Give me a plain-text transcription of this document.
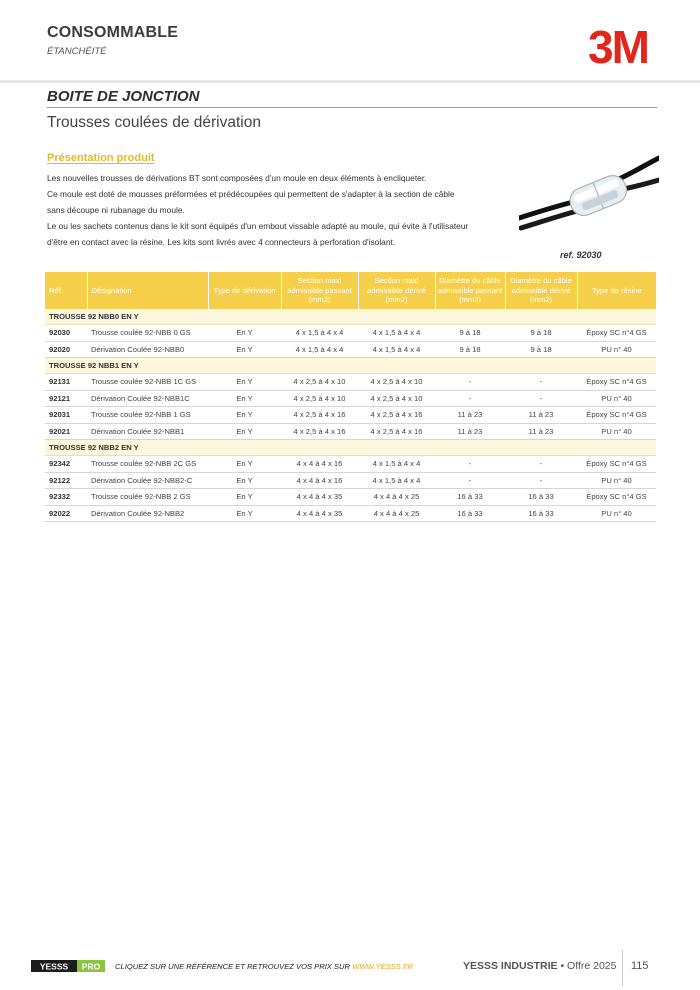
CONSOMMABLE
ÉTANCHÉITÉ	3M
BOITE DE JONCTION
Trousses coulées de dérivation
Présentation produit
Les nouvelles trousses de dérivations BT sont composées d'un moule en deux éléments à encliqueter.
Ce moule est doté de mousses préformées et prédécoupées qui permettent de s'adapter à la section de câble
sans découpe ni rubanage du moule.
Le ou les sachets contenus dans le kit sont équipés d'un embout vissable adapté au moule, qui évite à l'utilisateur
d'être en contact avec la résine. Les kits sont livrés avec 4 connecteurs à perforation d'isolant.
ref. 92030
Réf.	Désignation	Type de dérivation	Section maxi admissible passant (mm2)	Section maxi admissible dérivé (mm2)	Diamètre du câble admissible passant (mm2)	Diamètre du câble admissible dérivé (mm2)	Type de résine
TROUSSE 92 NBB0 EN Y							
92030	Trousse coulée 92-NBB 0 GS	En Y	4 x 1,5 à 4 x 4	4 x 1,5 à 4 x 4	9 à 18	9 à 18	Époxy SC n°4 GS
92020	Dérivation Coulée 92-NBB0	En Y	4 x 1,5 à 4 x 4	4 x 1,5 à 4 x 4	9 à 18	9 à 18	PU n° 40
TROUSSE 92 NBB1 EN Y							
92131	Trousse coulée 92-NBB 1C GS	En Y	4 x 2,5 à 4 x 10	4 x 2,5 à 4 x 10	-	-	Époxy SC n°4 GS
92121	Dérivation Coulée 92-NBB1C	En Y	4 x 2,5 à 4 x 10	4 x 2,5 à 4 x 10	-	-	PU n° 40
92031	Trousse coulée 92-NBB 1 GS	En Y	4 x 2,5 à 4 x 16	4 x 2,5 à 4 x 16	11 à 23	11 à 23	Époxy SC n°4 GS
92021	Dérivation Coulée 92-NBB1	En Y	4 x 2,5 à 4 x 16	4 x 2,5 à 4 x 16	11 à 23	11 à 23	PU n° 40
TROUSSE 92 NBB2 EN Y							
92342	Trousse coulée 92-NBB 2C GS	En Y	4 x 4 à 4 x 16	4 x 1,5 à 4 x 4	-	-	Époxy SC n°4 GS
92122	Dérivation Coulée 92-NBB2-C	En Y	4 x 4 à 4 x 16	4 x 1,5 à 4 x 4	-	-	PU n° 40
92332	Trousse coulée 92-NBB 2 GS	En Y	4 x 4 à 4 x 35	4 x 4 à 4 x 25	16 à 33	16 à 33	Époxy SC n°4 GS
92022	Dérivation Coulée 92-NBB2	En Y	4 x 4 à 4 x 35	4 x 4 à 4 x 25	16 à 33	16 à 33	PU n° 40
YESSS PRO CLIQUEZ SUR UNE RÉFÉRENCE ET RETROUVEZ VOS PRIX SUR WWW.YESSS.FR	YESSS INDUSTRIE • Offre 2025 115
